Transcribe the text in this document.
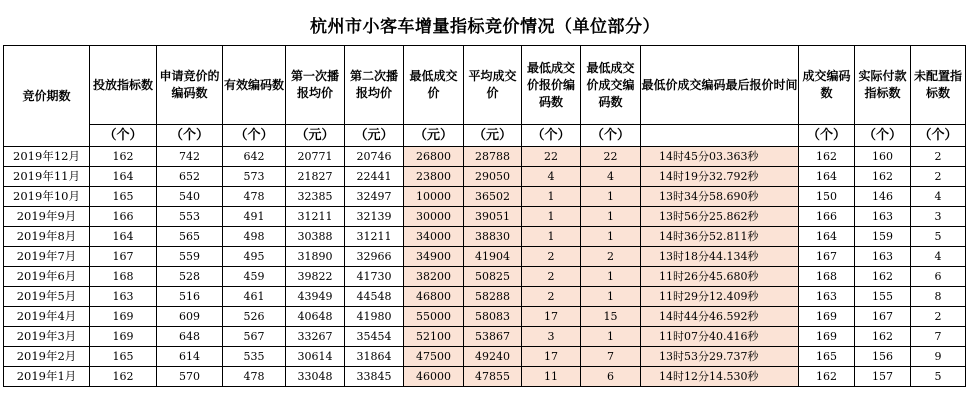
杭州市小客车增量指标竞价情况（单位部分）
竞价期数	投放指标数	申请竞价的编码数	有效编码数	第一次播报均价	第二次播报均价	最低成交价	平均成交价	最低成交价报价编码数	最低成交价成交编码数	最低价成交编码最后报价时间	成交编码数	实际付款指标数	未配置指标数
	（个）	（个）	（个）	（元）	（元）	（元）	（元）	（个）	（个）		（个）	（个）	（个）
2019年12月	162	742	642	20771	20746	26800	28788	22	22	14时45分03.363秒	162	160	2
2019年11月	164	652	573	21827	22441	23800	29050	4	4	14时19分32.792秒	164	162	2
2019年10月	165	540	478	32385	32497	10000	36502	1	1	13时34分58.690秒	150	146	4
2019年9月	166	553	491	31211	32139	30000	39051	1	1	13时56分25.862秒	166	163	3
2019年8月	164	565	498	30388	31211	34000	38830	1	1	14时36分52.811秒	164	159	5
2019年7月	167	559	495	31890	32966	34900	41904	2	2	13时18分44.134秒	167	163	4
2019年6月	168	528	459	39822	41730	38200	50825	2	1	11时26分45.680秒	168	162	6
2019年5月	163	516	461	43949	44548	46800	58288	2	1	11时29分12.409秒	163	155	8
2019年4月	169	609	526	40648	41980	55000	58083	17	15	14时44分46.592秒	169	167	2
2019年3月	169	648	567	33267	35454	52100	53867	3	1	11时07分40.416秒	169	162	7
2019年2月	165	614	535	30614	31864	47500	49240	17	7	13时53分29.737秒	165	156	9
2019年1月	162	570	478	33048	33845	46000	47855	11	6	14时12分14.530秒	162	157	5
